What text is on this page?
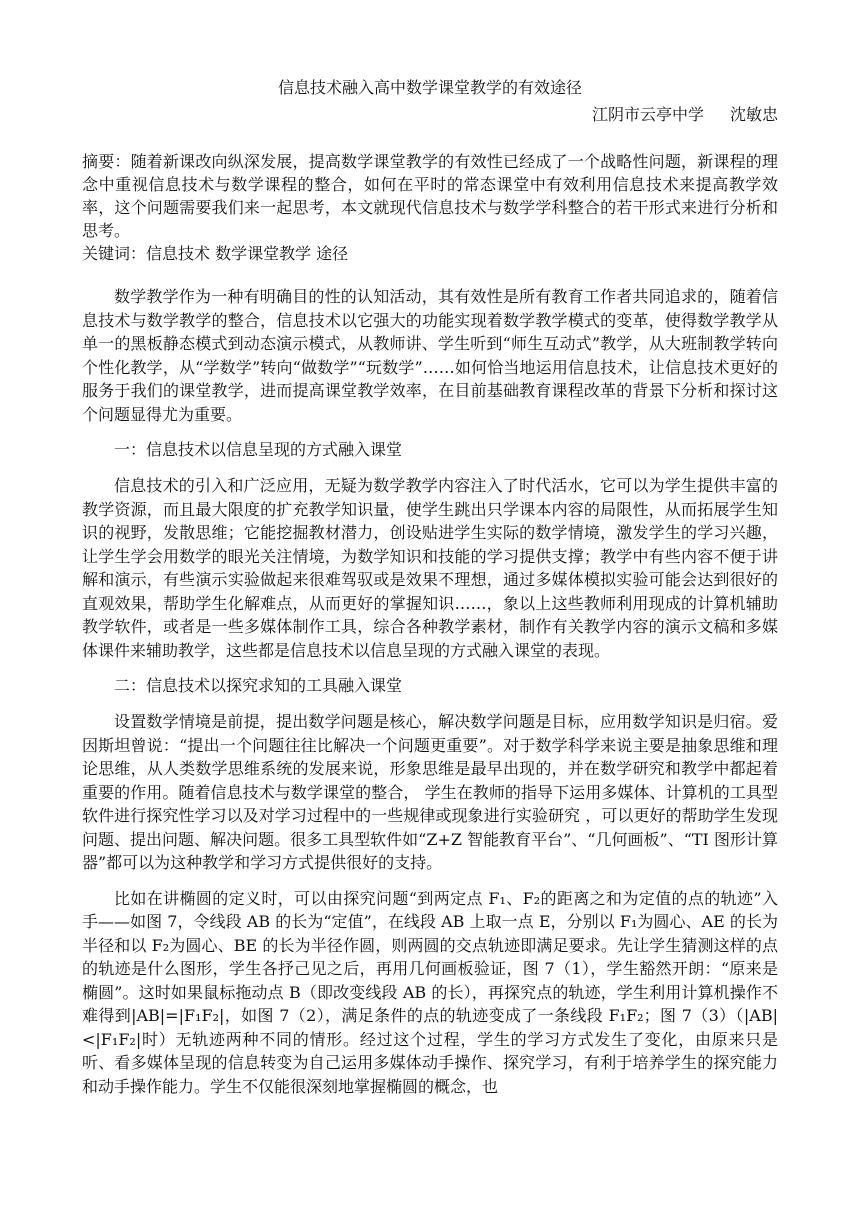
信息技术融入高中数学课堂教学的有效途径

江阴市云亭中学 沈敏忠

摘要：随着新课改向纵深发展，提高数学课堂教学的有效性已经成了一个战略性问题，新课程的理念中重视信息技术与数学课程的整合，如何在平时的常态课堂中有效利用信息技术来提高教学效率，这个问题需要我们来一起思考，本文就现代信息技术与数学学科整合的若干形式来进行分析和思考。

关键词：信息技术 数学课堂教学 途径

数学教学作为一种有明确目的性的认知活动，其有效性是所有教育工作者共同追求的，随着信息技术与数学教学的整合，信息技术以它强大的功能实现着数学教学模式的变革，使得数学教学从单一的黑板静态模式到动态演示模式，从教师讲、学生听到“师生互动式”教学，从大班制教学转向个性化教学，从“学数学”转向“做数学”“玩数学”……如何恰当地运用信息技术，让信息技术更好的服务于我们的课堂教学，进而提高课堂教学效率，在目前基础教育课程改革的背景下分析和探讨这个问题显得尤为重要。

一：信息技术以信息呈现的方式融入课堂

信息技术的引入和广泛应用，无疑为数学教学内容注入了时代活水，它可以为学生提供丰富的教学资源，而且最大限度的扩充教学知识量，使学生跳出只学课本内容的局限性，从而拓展学生知识的视野，发散思维；它能挖掘教材潜力，创设贴进学生实际的数学情境，激发学生的学习兴趣，让学生学会用数学的眼光关注情境，为数学知识和技能的学习提供支撑；教学中有些内容不便于讲解和演示，有些演示实验做起来很难驾驭或是效果不理想，通过多媒体模拟实验可能会达到很好的直观效果，帮助学生化解难点，从而更好的掌握知识……，象以上这些教师利用现成的计算机辅助教学软件，或者是一些多媒体制作工具，综合各种教学素材，制作有关教学内容的演示文稿和多媒体课件来辅助教学，这些都是信息技术以信息呈现的方式融入课堂的表现。

二：信息技术以探究求知的工具融入课堂

设置数学情境是前提，提出数学问题是核心，解决数学问题是目标，应用数学知识是归宿。爱因斯坦曾说：“提出一个问题往往比解决一个问题更重要”。对于数学科学来说主要是抽象思维和理论思维，从人类数学思维系统的发展来说，形象思维是最早出现的，并在数学研究和教学中都起着重要的作用。随着信息技术与数学课堂的整合， 学生在教师的指导下运用多媒体、计算机的工具型软件进行探究性学习以及对学习过程中的一些规律或现象进行实验研究 ，可以更好的帮助学生发现问题、提出问题、解决问题。很多工具型软件如“Z+Z 智能教育平台”、“几何画板”、“TI 图形计算器”都可以为这种教学和学习方式提供很好的支持。

比如在讲椭圆的定义时，可以由探究问题“到两定点 F₁、F₂的距离之和为定值的点的轨迹”入手——如图 7，令线段 AB 的长为“定值”，在线段 AB 上取一点 E，分别以 F₁为圆心、AE 的长为半径和以 F₂为圆心、BE 的长为半径作圆，则两圆的交点轨迹即满足要求。先让学生猜测这样的点的轨迹是什么图形，学生各抒己见之后，再用几何画板验证，图 7（1），学生豁然开朗：“原来是椭圆”。这时如果鼠标拖动点 B（即改变线段 AB 的长），再探究点的轨迹，学生利用计算机操作不难得到|AB|=|F₁F₂|，如图 7（2），满足条件的点的轨迹变成了一条线段 F₁F₂；图 7（3）（|AB|<|F₁F₂|时）无轨迹两种不同的情形。经过这个过程，学生的学习方式发生了变化，由原来只是听、看多媒体呈现的信息转变为自己运用多媒体动手操作、探究学习，有利于培养学生的探究能力和动手操作能力。学生不仅能很深刻地掌握椭圆的概念，也
